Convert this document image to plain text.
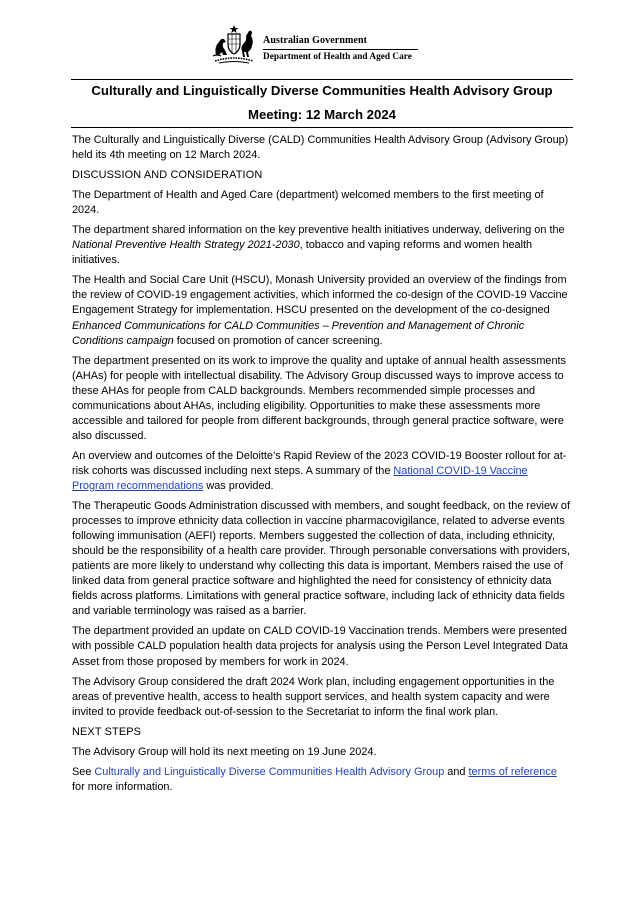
Australian Government
Department of Health and Aged Care
Culturally and Linguistically Diverse Communities Health Advisory Group
Meeting: 12 March 2024

The Culturally and Linguistically Diverse (CALD) Communities Health Advisory Group (Advisory Group) held its 4th meeting on 12 March 2024.

DISCUSSION AND CONSIDERATION

The Department of Health and Aged Care (department) welcomed members to the first meeting of 2024.

The department shared information on the key preventive health initiatives underway, delivering on the National Preventive Health Strategy 2021-2030, tobacco and vaping reforms and women health initiatives.

The Health and Social Care Unit (HSCU), Monash University provided an overview of the findings from the review of COVID-19 engagement activities, which informed the co-design of the COVID-19 Vaccine Engagement Strategy for implementation. HSCU presented on the development of the co-designed Enhanced Communications for CALD Communities – Prevention and Management of Chronic Conditions campaign focused on promotion of cancer screening.

The department presented on its work to improve the quality and uptake of annual health assessments (AHAs) for people with intellectual disability. The Advisory Group discussed ways to improve access to these AHAs for people from CALD backgrounds. Members recommended simple processes and communications about AHAs, including eligibility. Opportunities to make these assessments more accessible and tailored for people from different backgrounds, through general practice software, were also discussed.

An overview and outcomes of the Deloitte’s Rapid Review of the 2023 COVID-19 Booster rollout for at-risk cohorts was discussed including next steps. A summary of the National COVID-19 Vaccine Program recommendations was provided.

The Therapeutic Goods Administration discussed with members, and sought feedback, on the review of processes to improve ethnicity data collection in vaccine pharmacovigilance, related to adverse events following immunisation (AEFI) reports. Members suggested the collection of data, including ethnicity, should be the responsibility of a health care provider. Through personable conversations with providers, patients are more likely to understand why collecting this data is important. Members raised the use of linked data from general practice software and highlighted the need for consistency of ethnicity data fields across platforms. Limitations with general practice software, including lack of ethnicity data fields and variable terminology was raised as a barrier.

The department provided an update on CALD COVID-19 Vaccination trends. Members were presented with possible CALD population health data projects for analysis using the Person Level Integrated Data Asset from those proposed by members for work in 2024.

The Advisory Group considered the draft 2024 Work plan, including engagement opportunities in the areas of preventive health, access to health support services, and health system capacity and were invited to provide feedback out-of-session to the Secretariat to inform the final work plan.

NEXT STEPS

The Advisory Group will hold its next meeting on 19 June 2024.

See Culturally and Linguistically Diverse Communities Health Advisory Group and terms of reference for more information.
